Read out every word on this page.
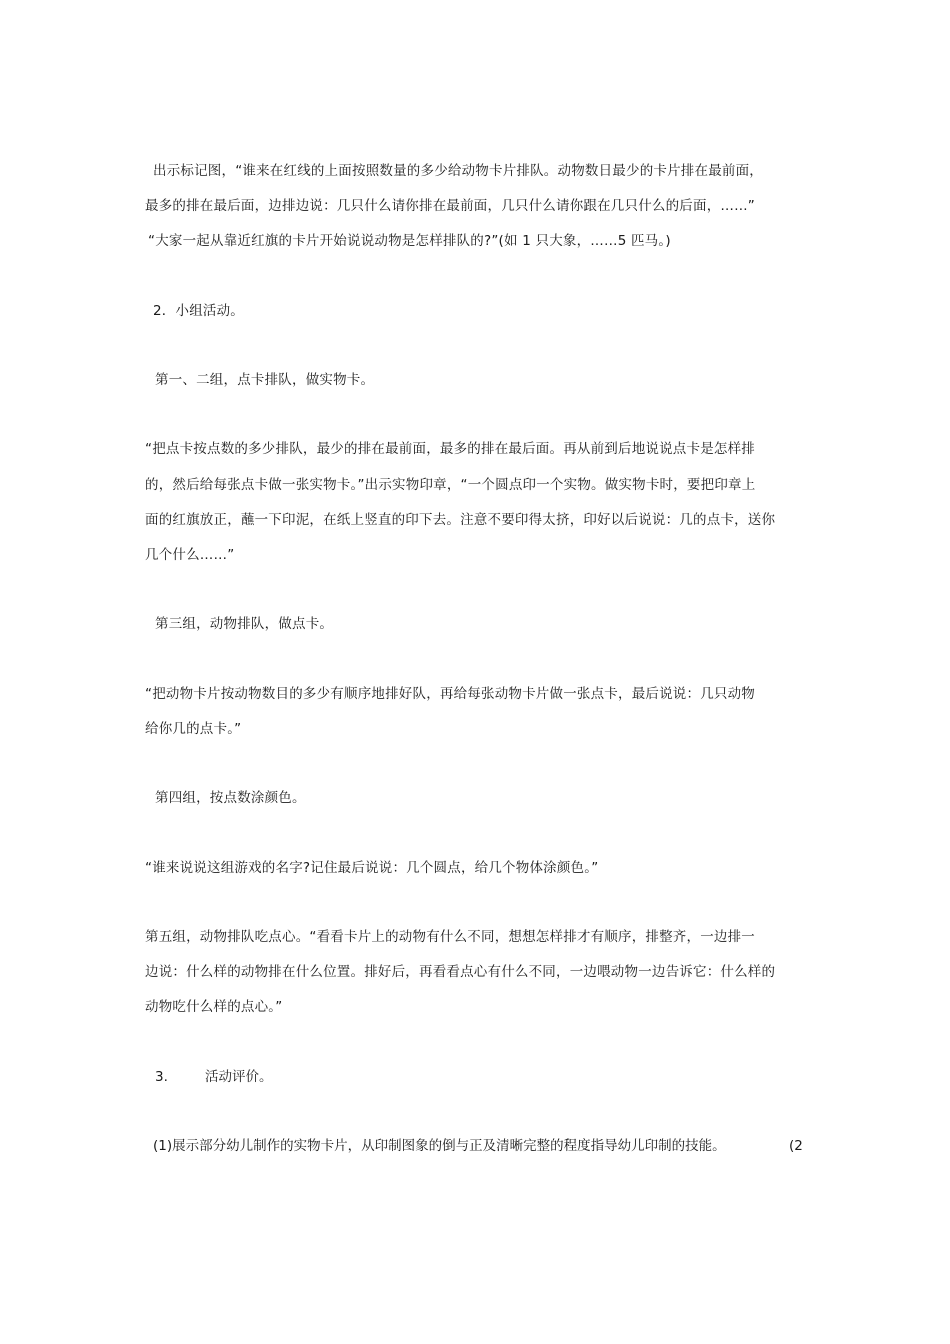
出示标记图，“谁来在红线的上面按照数量的多少给动物卡片排队。动物数日最少的卡片排在最前面，
最多的排在最后面，边排边说：几只什么请你排在最前面，几只什么请你跟在几只什么的后面，……”
“大家一起从靠近红旗的卡片开始说说动物是怎样排队的?”(如 1 只大象，……5 匹马。)
2．小组活动。
第一、二组，点卡排队，做实物卡。
“把点卡按点数的多少排队，最少的排在最前面，最多的排在最后面。再从前到后地说说点卡是怎样排
的，然后给每张点卡做一张实物卡。”出示实物印章，“一个圆点印一个实物。做实物卡时，要把印章上
面的红旗放正，蘸一下印泥，在纸上竖直的印下去。注意不要印得太挤，印好以后说说：几的点卡，送你
几个什么……”
第三组，动物排队，做点卡。
“把动物卡片按动物数目的多少有顺序地排好队，再给每张动物卡片做一张点卡，最后说说：几只动物
给你几的点卡。”
第四组，按点数涂颜色。
“谁来说说这组游戏的名字?记住最后说说：几个圆点，给几个物体涂颜色。”
第五组，动物排队吃点心。“看看卡片上的动物有什么不同，想想怎样排才有顺序，排整齐，一边排一
边说：什么样的动物排在什么位置。排好后，再看看点心有什么不同，一边喂动物一边告诉它：什么样的
动物吃什么样的点心。”
3.	活动评价。
(1)展示部分幼儿制作的实物卡片，从印制图象的倒与正及清晰完整的程度指导幼儿印制的技能。	(2
